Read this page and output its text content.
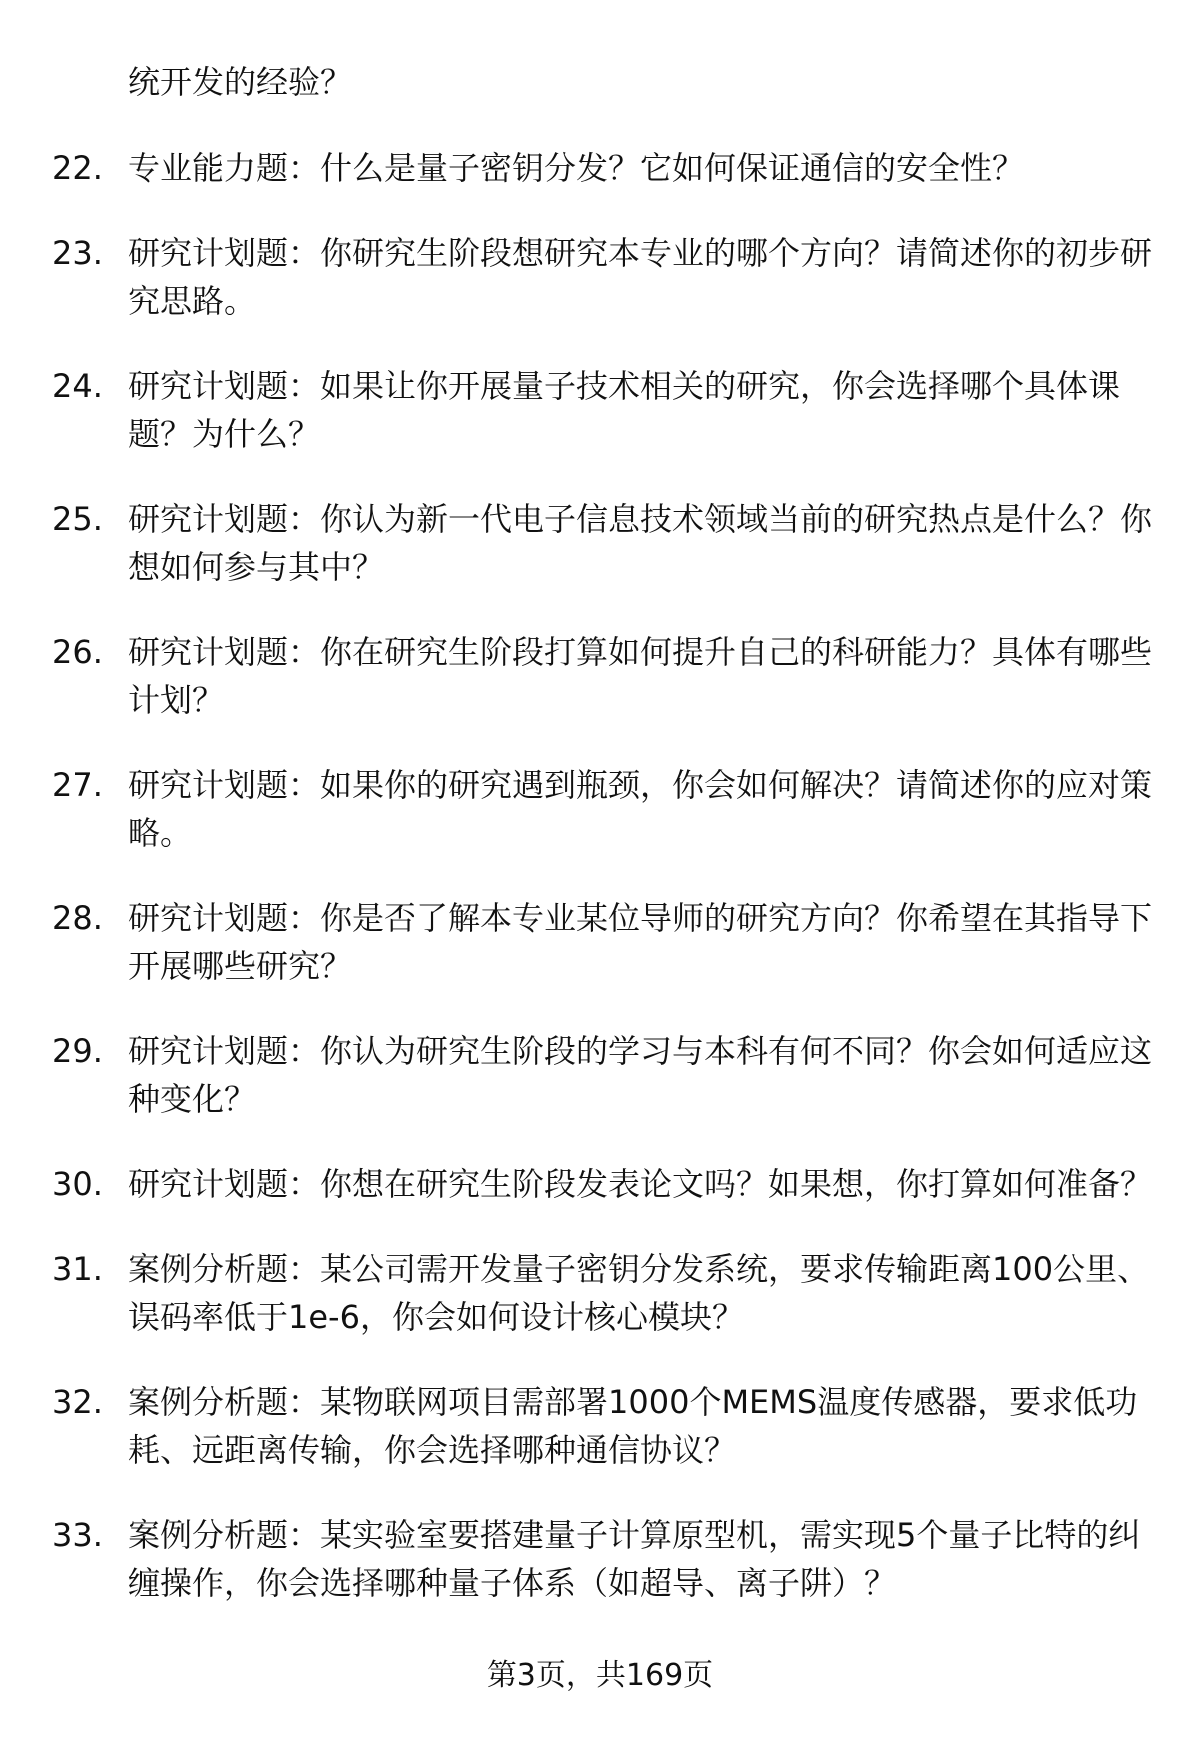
统开发的经验？
22. 专业能力题：什么是量子密钥分发？它如何保证通信的安全性？
23. 研究计划题：你研究生阶段想研究本专业的哪个方向？请简述你的初步研究思路。
24. 研究计划题：如果让你开展量子技术相关的研究，你会选择哪个具体课题？为什么？
25. 研究计划题：你认为新一代电子信息技术领域当前的研究热点是什么？你想如何参与其中？
26. 研究计划题：你在研究生阶段打算如何提升自己的科研能力？具体有哪些计划？
27. 研究计划题：如果你的研究遇到瓶颈，你会如何解决？请简述你的应对策略。
28. 研究计划题：你是否了解本专业某位导师的研究方向？你希望在其指导下开展哪些研究？
29. 研究计划题：你认为研究生阶段的学习与本科有何不同？你会如何适应这种变化？
30. 研究计划题：你想在研究生阶段发表论文吗？如果想，你打算如何准备？
31. 案例分析题：某公司需开发量子密钥分发系统，要求传输距离100公里、误码率低于1e-6，你会如何设计核心模块？
32. 案例分析题：某物联网项目需部署1000个MEMS温度传感器，要求低功耗、远距离传输，你会选择哪种通信协议？
33. 案例分析题：某实验室要搭建量子计算原型机，需实现5个量子比特的纠缠操作，你会选择哪种量子体系（如超导、离子阱）？
第3页，共169页
